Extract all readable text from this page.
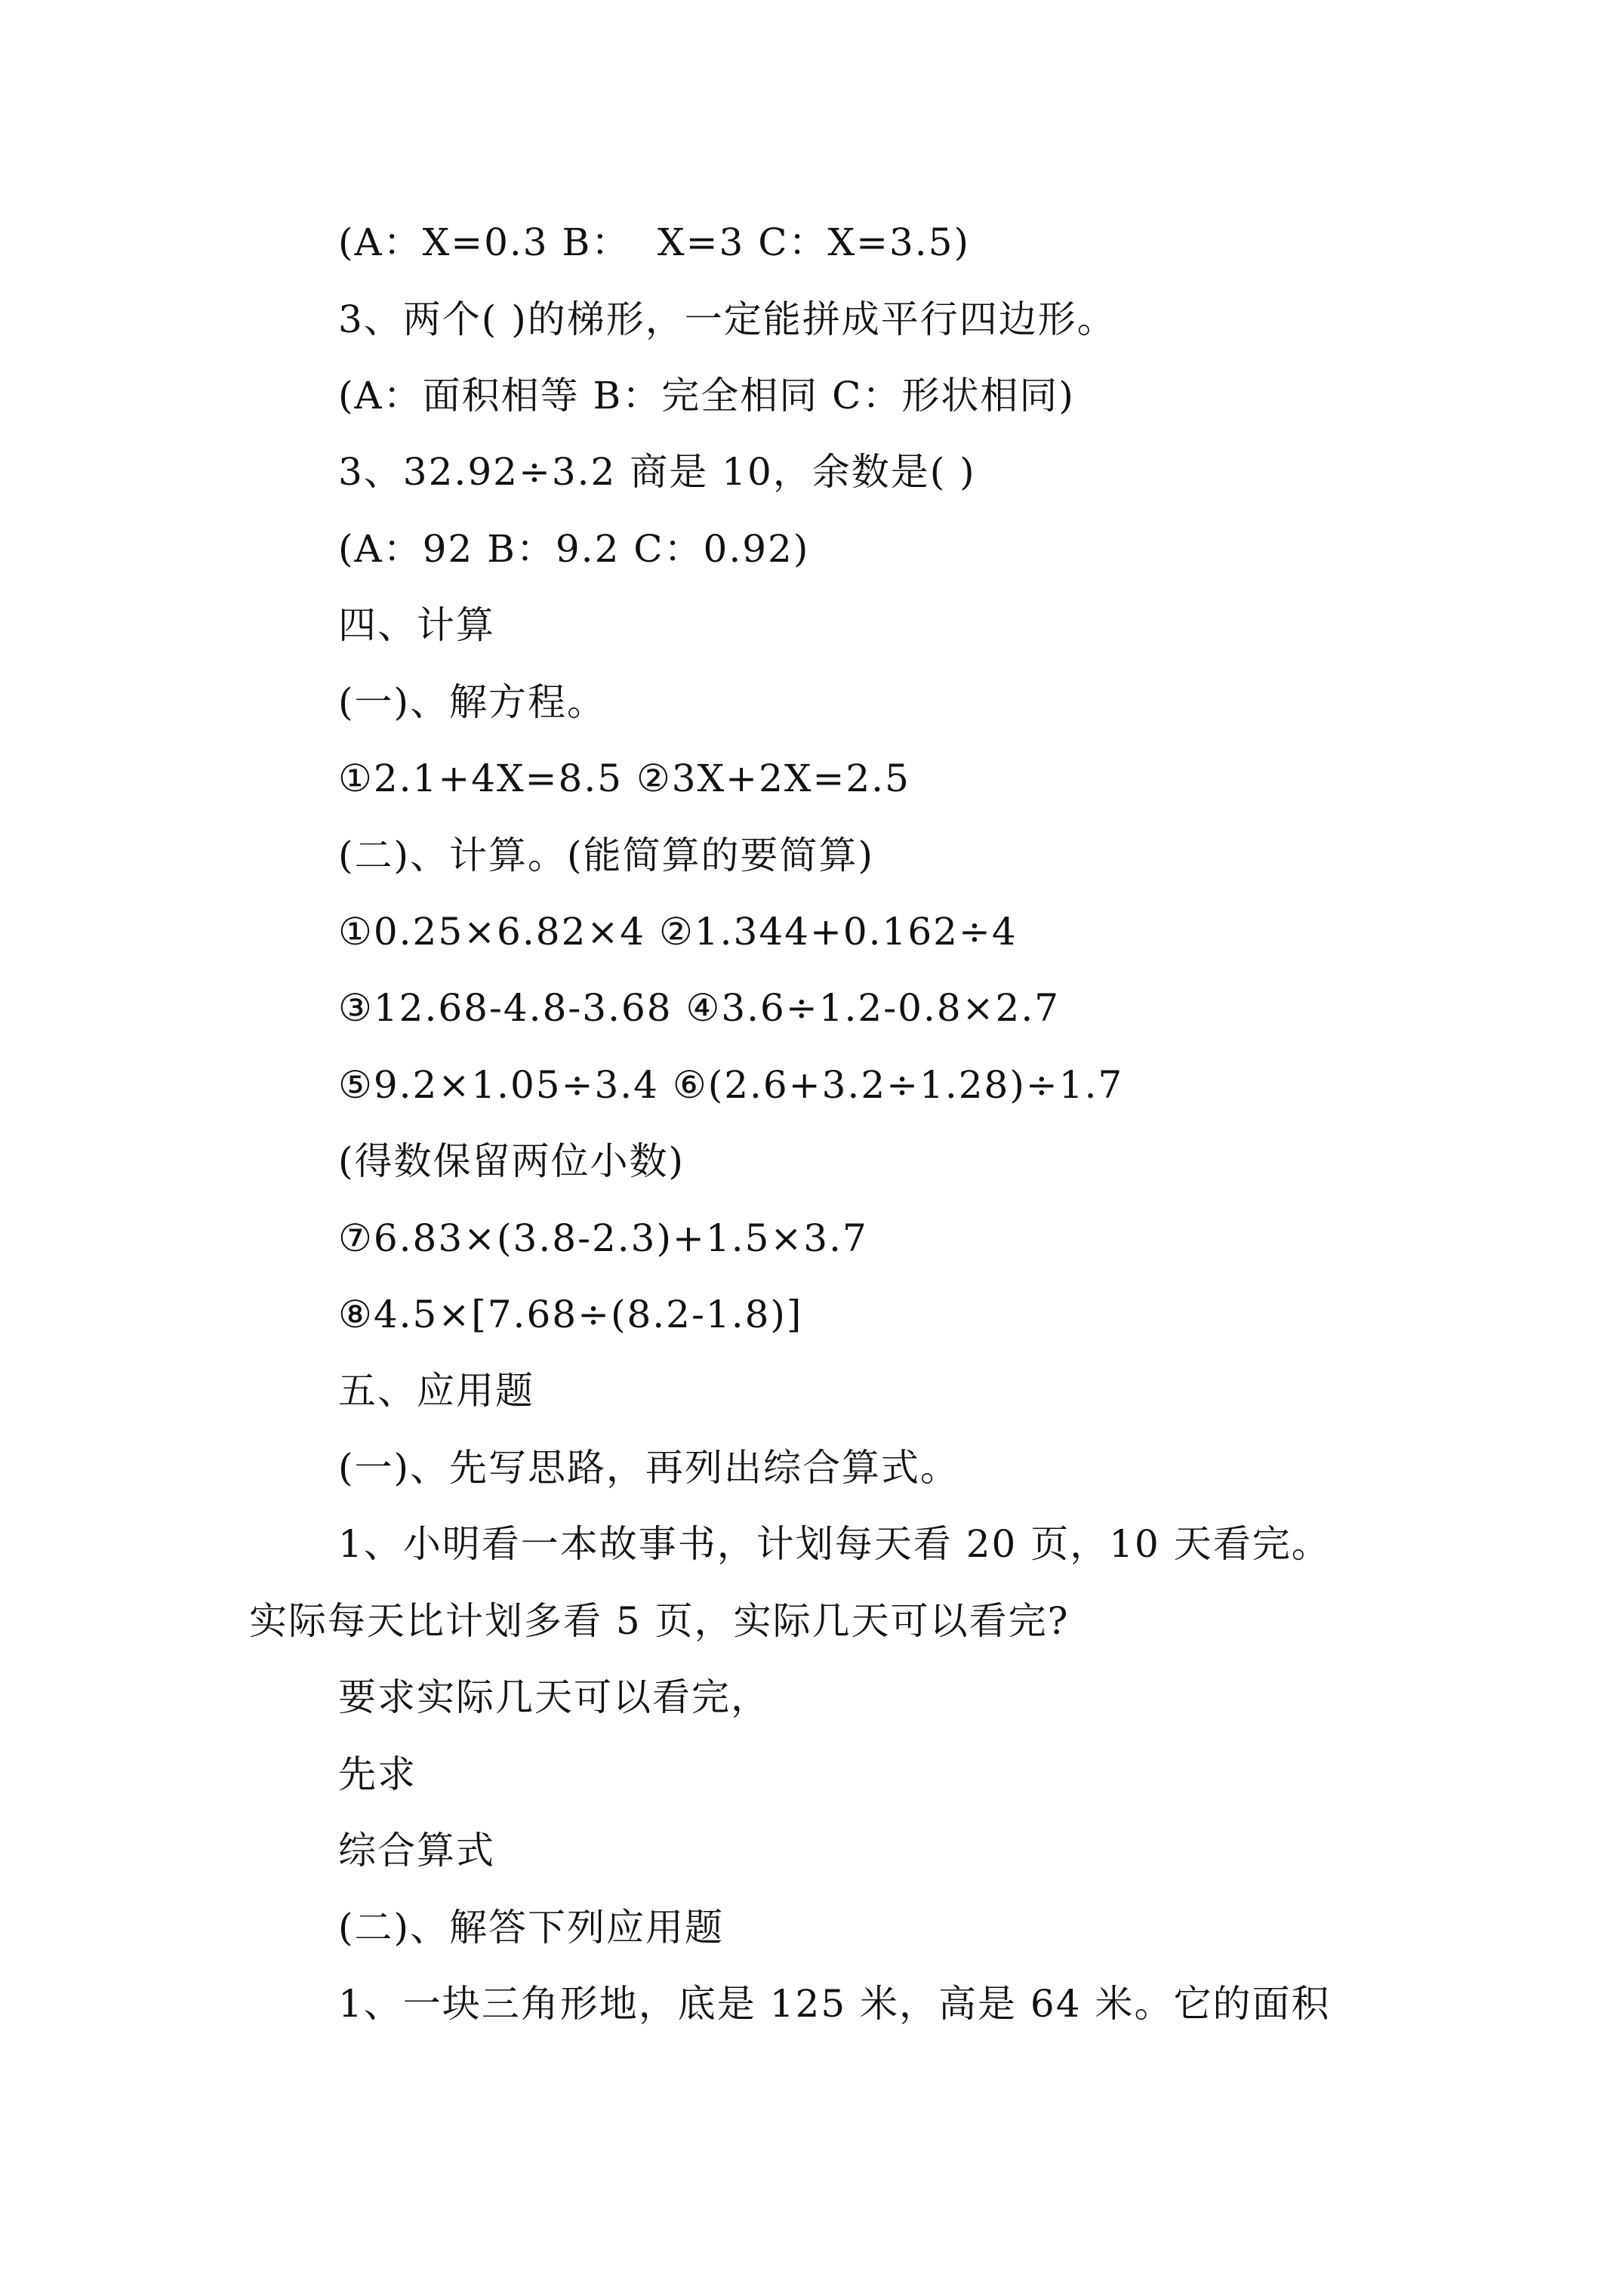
(A：X=0.3 B：  X=3 C：X=3.5)

3、两个( )的梯形，一定能拼成平行四边形。

(A：面积相等 B：完全相同 C：形状相同)

3、32.92÷3.2 商是 10，余数是( )

(A：92 B：9.2 C：0.92)

四、计算

(一)、解方程。

①2.1+4X=8.5 ②3X+2X=2.5

(二)、计算。(能简算的要简算)

①0.25×6.82×4 ②1.344+0.162÷4

③12.68-4.8-3.68 ④3.6÷1.2-0.8×2.7

⑤9.2×1.05÷3.4 ⑥(2.6+3.2÷1.28)÷1.7

(得数保留两位小数)

⑦6.83×(3.8-2.3)+1.5×3.7

⑧4.5×[7.68÷(8.2-1.8)]

五、应用题

(一)、先写思路，再列出综合算式。

1、小明看一本故事书，计划每天看 20 页，10 天看完。

实际每天比计划多看 5 页，实际几天可以看完?

要求实际几天可以看完，

先求

综合算式

(二)、解答下列应用题

1、一块三角形地，底是 125 米，高是 64 米。它的面积
